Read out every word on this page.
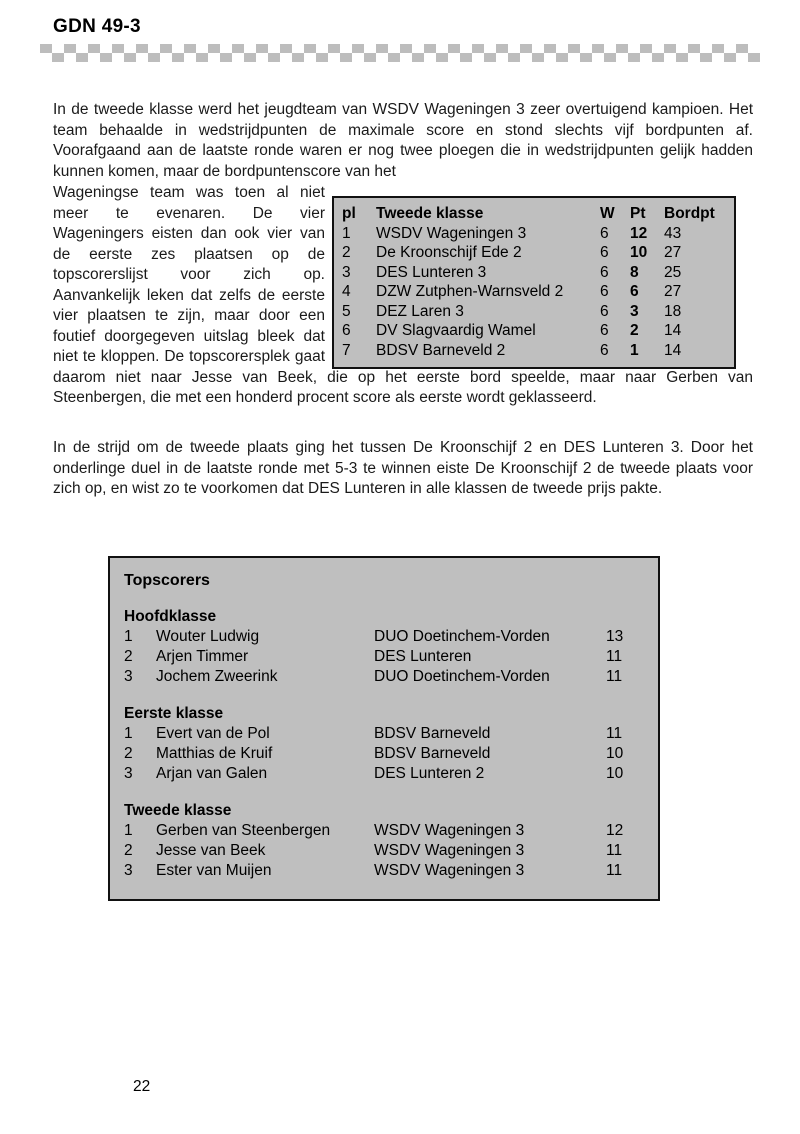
GDN 49-3
In de tweede klasse werd het jeugdteam van WSDV Wageningen 3 zeer overtuigend kampioen. Het team behaalde in wedstrijdpunten de maximale score en stond slechts vijf bordpunten af. Voorafgaand aan de laatste ronde waren er nog twee ploegen die in wedstrijdpunten gelijk hadden kunnen komen, maar de bordpuntenscore van het
Wageningse team was toen al niet meer te evenaren. De vier Wageningers eisten dan ook vier van de eerste zes plaatsen op de topscorerslijst voor zich op. Aanvankelijk leken dat zelfs de eerste vier plaatsen te zijn, maar door een foutief doorgegeven uitslag bleek dat niet te kloppen. De topscorersplek gaat daarom niet naar Jesse van Beek, die op het eerste bord speelde, maar naar Gerben van Steenbergen, die met een honderd procent score als eerste wordt geklasseerd.
pl	Tweede klasse	W	Pt	Bordpt
1	WSDV Wageningen 3	6	12	43
2	De Kroonschijf Ede 2	6	10	27
3	DES Lunteren 3	6	8	25
4	DZW Zutphen-Warnsveld 2	6	6	27
5	DEZ Laren 3	6	3	18
6	DV Slagvaardig Wamel	6	2	14
7	BDSV Barneveld 2	6	1	14
In de strijd om de tweede plaats ging het tussen De Kroonschijf 2 en DES Lunteren 3. Door het onderlinge duel in de laatste ronde met 5-3 te winnen eiste De Kroonschijf 2 de tweede plaats voor zich op, en wist zo te voorkomen dat DES Lunteren in alle klassen de tweede prijs pakte.
Topscorers
Hoofdklasse
1	Wouter Ludwig	DUO Doetinchem-Vorden	13
2	Arjen Timmer	DES Lunteren	11
3	Jochem Zweerink	DUO Doetinchem-Vorden	11
Eerste klasse
1	Evert van de Pol	BDSV Barneveld	11
2	Matthias de Kruif	BDSV Barneveld	10
3	Arjan van Galen	DES Lunteren 2	10
Tweede klasse
1	Gerben van Steenbergen	WSDV Wageningen 3	12
2	Jesse van Beek	WSDV Wageningen 3	11
3	Ester van Muijen	WSDV Wageningen 3	11
22
